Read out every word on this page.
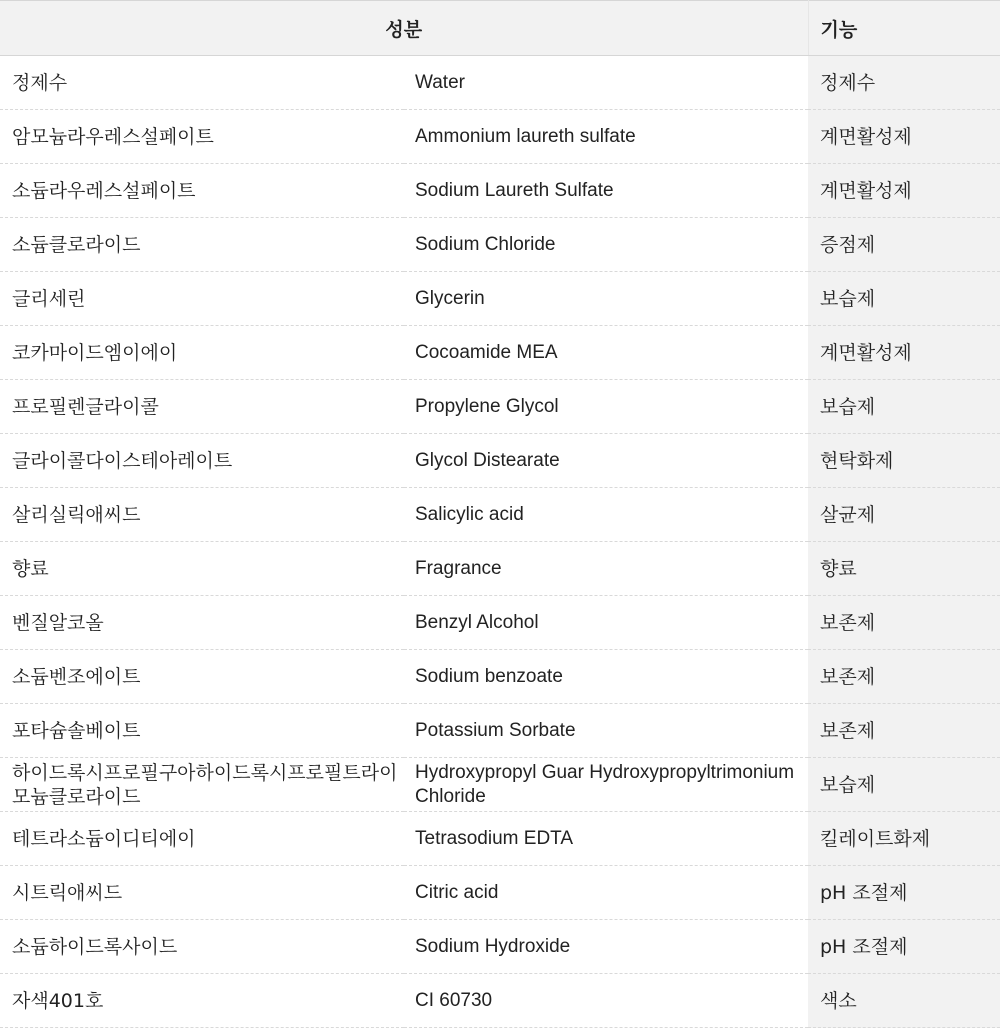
성분		기능
정제수	Water	정제수
암모늄라우레스설페이트	Ammonium laureth sulfate	계면활성제
소듐라우레스설페이트	Sodium Laureth Sulfate	계면활성제
소듐클로라이드	Sodium Chloride	증점제
글리세린	Glycerin	보습제
코카마이드엠이에이	Cocoamide MEA	계면활성제
프로필렌글라이콜	Propylene Glycol	보습제
글라이콜다이스테아레이트	Glycol Distearate	현탁화제
살리실릭애씨드	Salicylic acid	살균제
향료	Fragrance	향료
벤질알코올	Benzyl Alcohol	보존제
소듐벤조에이트	Sodium benzoate	보존제
포타슘솔베이트	Potassium Sorbate	보존제
하이드록시프로필구아하이드록시프로필트라이모늄클로라이드	Hydroxypropyl Guar Hydroxypropyltrimonium Chloride	보습제
테트라소듐이디티에이	Tetrasodium EDTA	킬레이트화제
시트릭애씨드	Citric acid	pH 조절제
소듐하이드록사이드	Sodium Hydroxide	pH 조절제
자색401호	CI 60730	색소
